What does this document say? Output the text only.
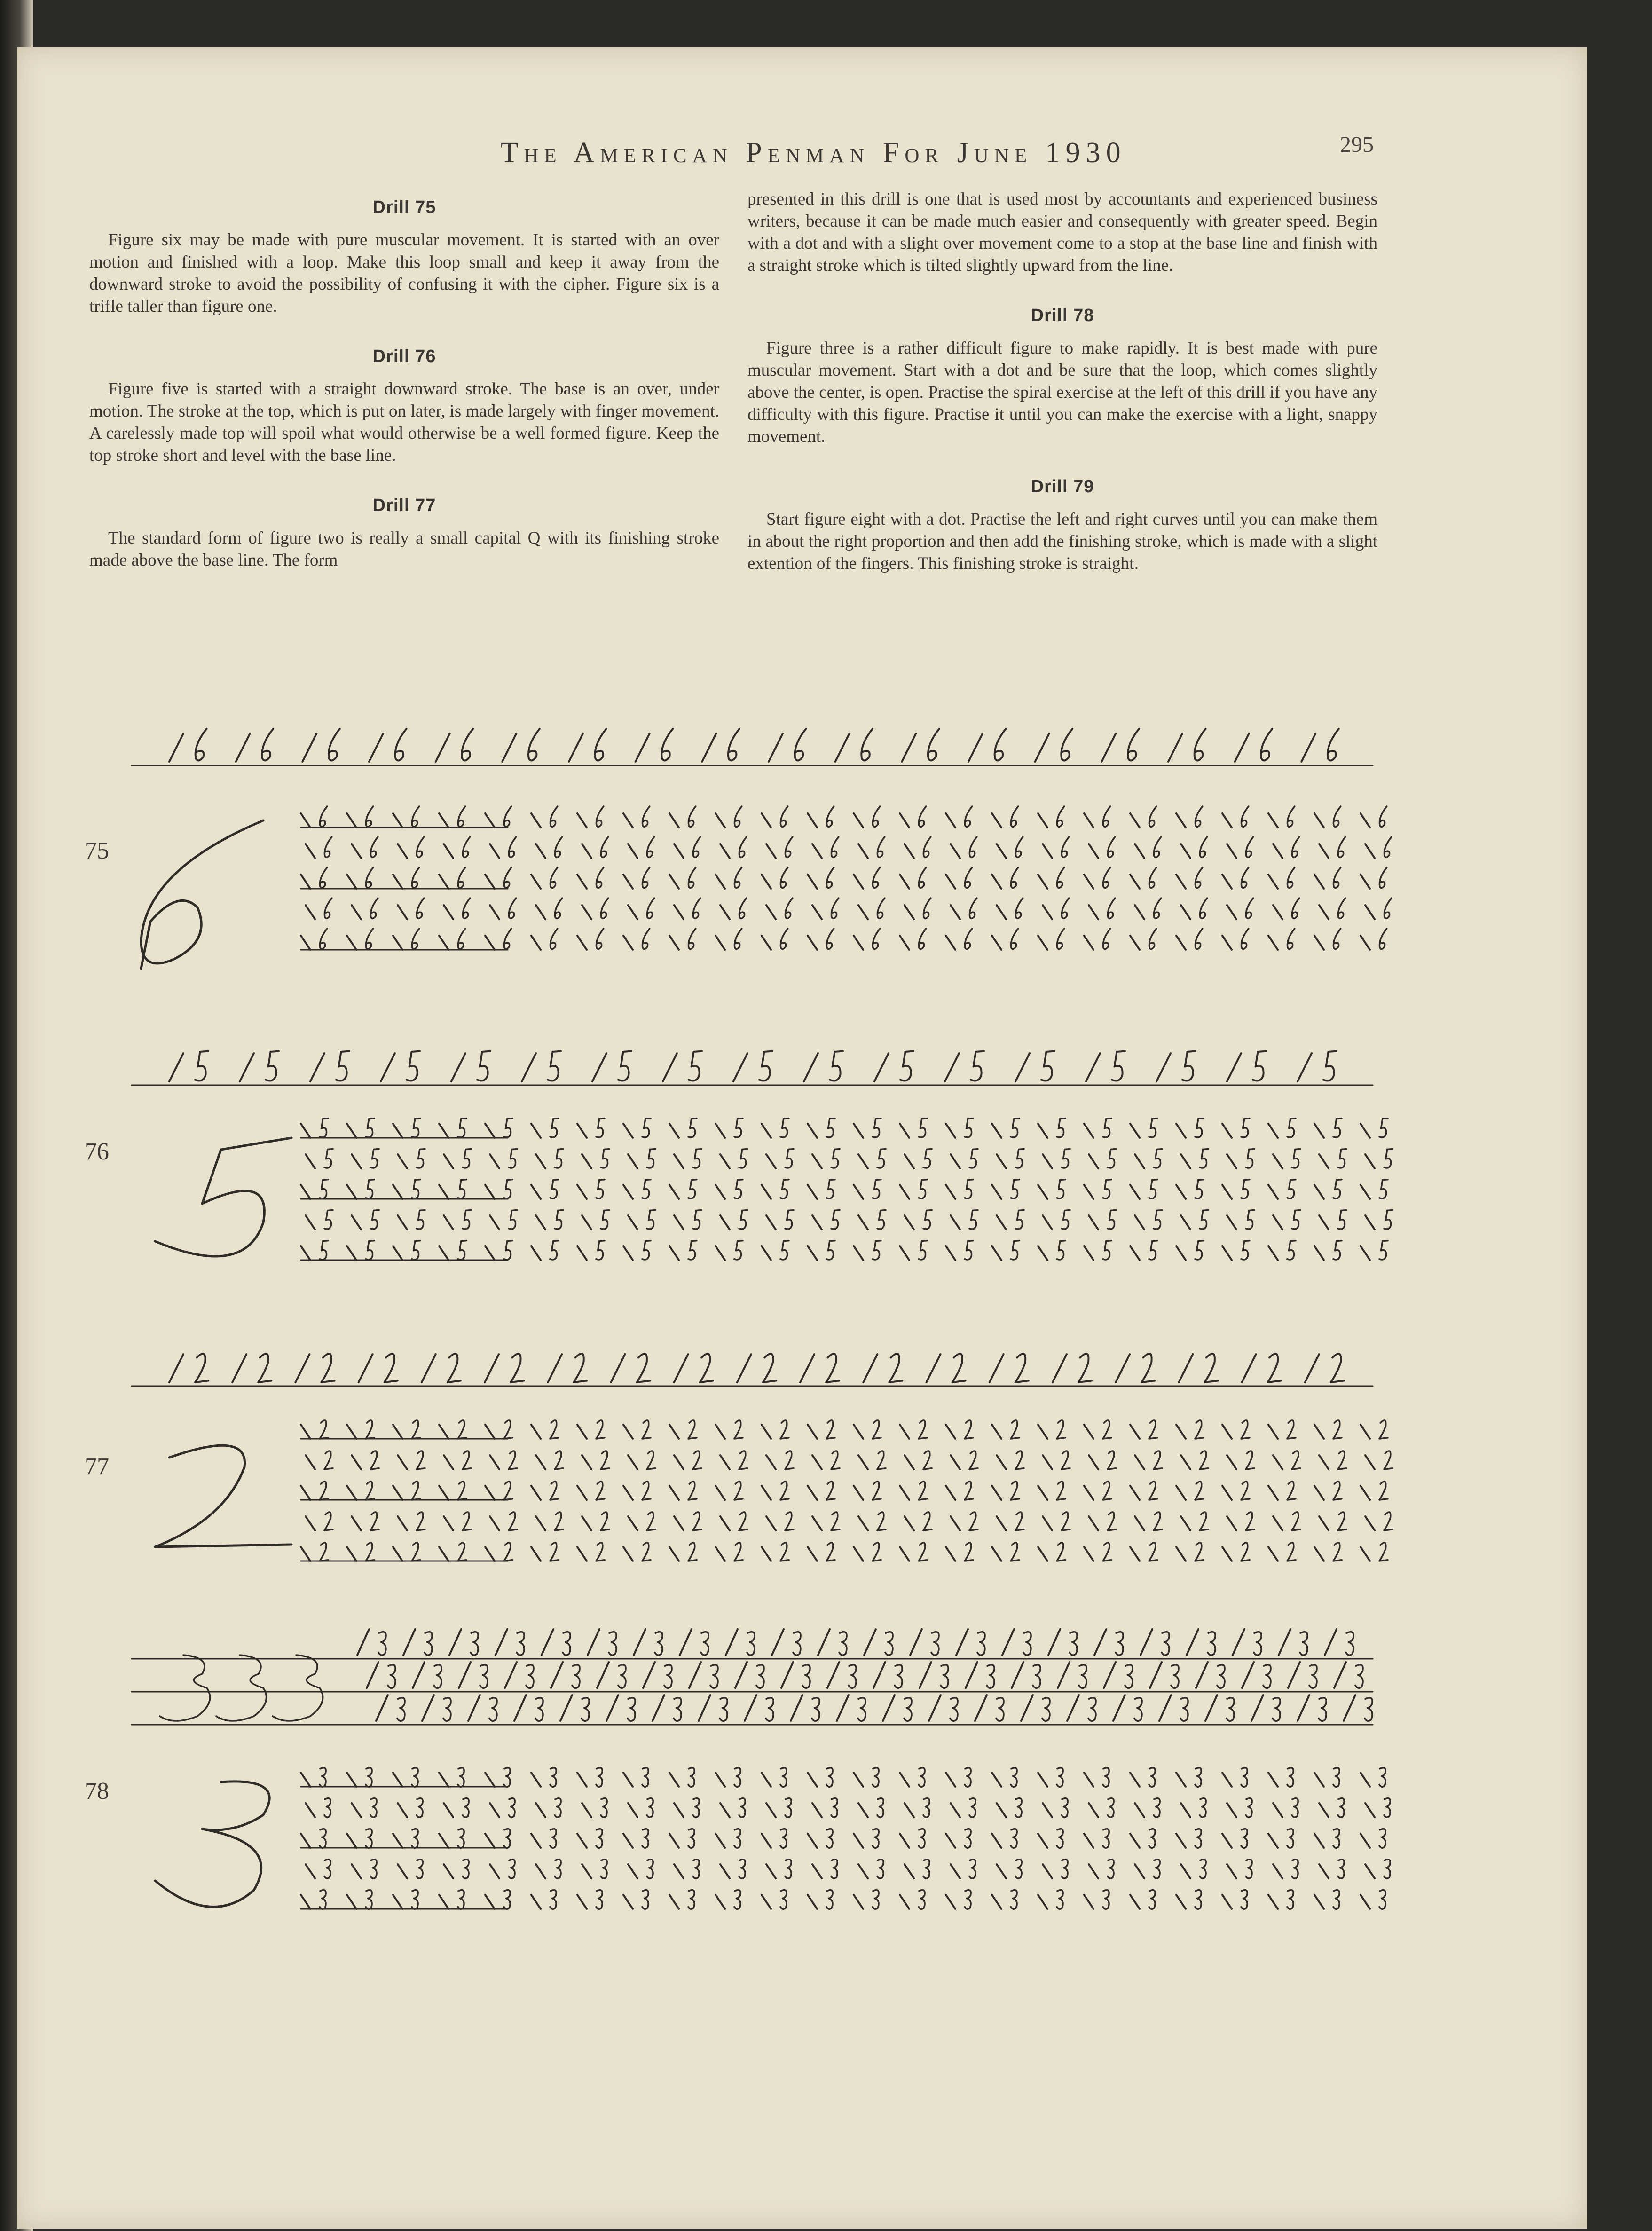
The American Penman For June 1930	295
Drill 75

Figure six may be made with pure muscular movement. It is started with an over motion and finished with a loop. Make this loop small and keep it away from the downward stroke to avoid the possibility of confusing it with the cipher. Figure six is a trifle taller than figure one.

Drill 76

Figure five is started with a straight downward stroke. The base is an over, under motion. The stroke at the top, which is put on later, is made largely with finger movement. A carelessly made top will spoil what would otherwise be a well formed figure. Keep the top stroke short and level with the base line.

Drill 77

The standard form of figure two is really a small capital Q with its finishing stroke made above the base line. The form

presented in this drill is one that is used most by accountants and experienced business writers, because it can be made much easier and consequently with greater speed. Begin with a dot and with a slight over movement come to a stop at the base line and finish with a straight stroke which is tilted slightly upward from the line.

Drill 78

Figure three is a rather difficult figure to make rapidly. It is best made with pure muscular movement. Start with a dot and be sure that the loop, which comes slightly above the center, is open. Practise the spiral exercise at the left of this drill if you have any difficulty with this figure. Practise it until you can make the exercise with a light, snappy movement.

Drill 79

Start figure eight with a dot. Practise the left and right curves until you can make them in about the right proportion and then add the finishing stroke, which is made with a slight extention of the fingers. This finishing stroke is straight.

75
76
77
78
